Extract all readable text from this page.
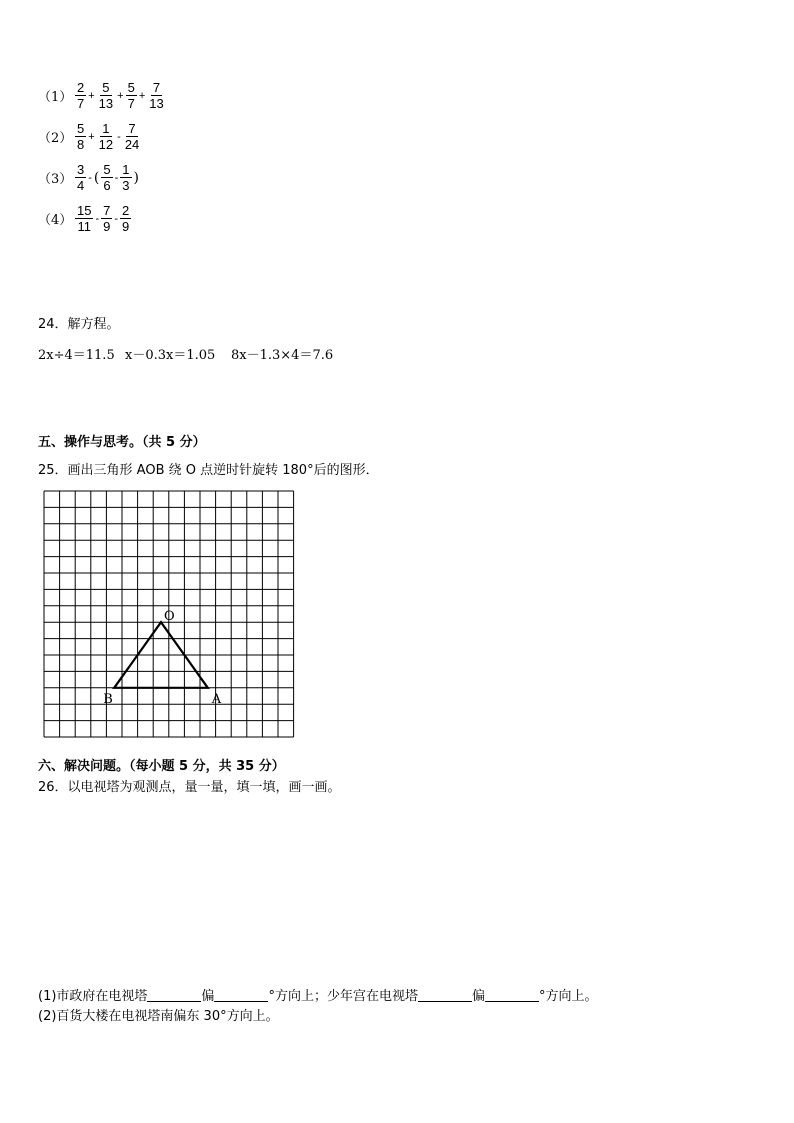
$(1) \frac{2}{7} + \frac{5}{13} + \frac{5}{7} + \frac{7}{13}$
$(2) \frac{5}{8} + \frac{1}{12} - \frac{7}{24}$
$(3) \frac{3}{4}$ - ( $\frac{5}{6} - \frac{1}{3}$ )
$(4) \frac{15}{11} - \frac{7}{9} - \frac{2}{9}$
24．解方程。
2x÷4＝11.5 x－0.3x＝1.05 8x－1.3×4＝7.6
五、操作与思考。（共 5 分）
25．画出三角形 AOB 绕 O 点逆时针旋转 180°后的图形．
O
B	A
六、解决问题。（每小题 5 分，共 35 分）
26．以电视塔为观测点，量一量，填一填，画一画。
(1)市政府在电视塔	偏	°方向上；少年宫在电视塔	偏	°方向上。
(2)百货大楼在电视塔南偏东 30°方向上。
